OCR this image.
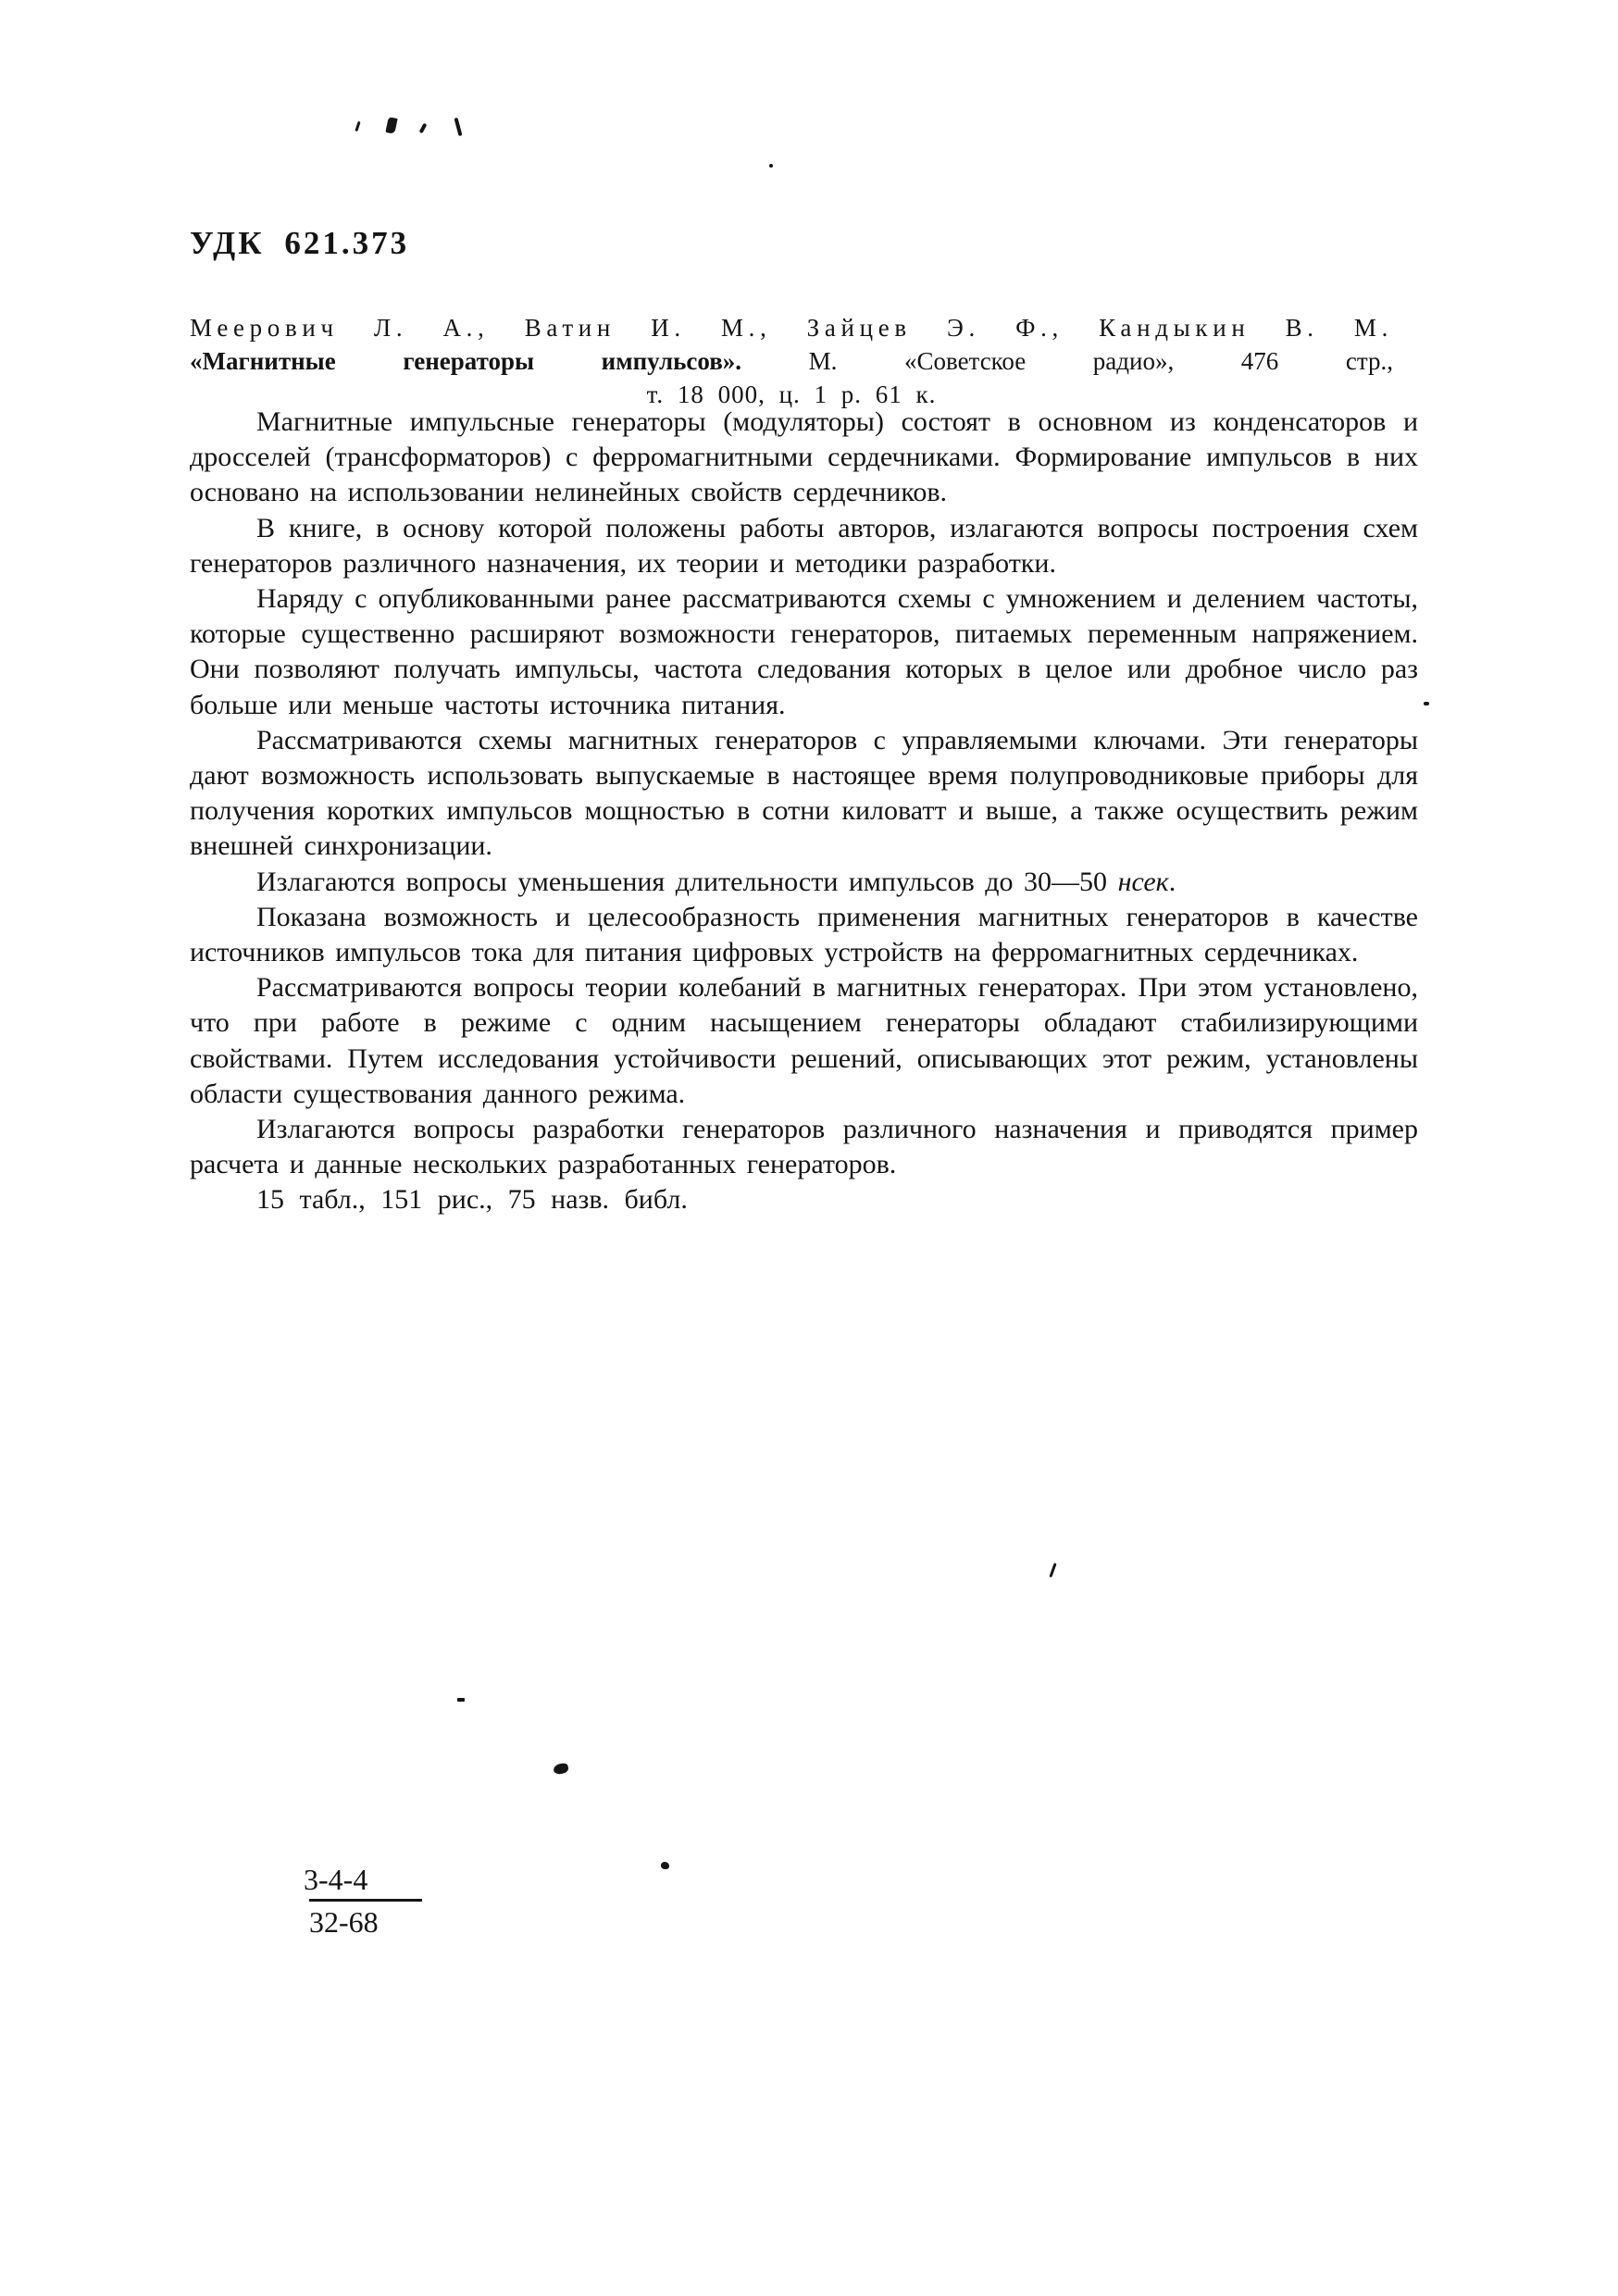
УДК 621.373
Меерович Л. А., Ватин И. М., Зайцев Э. Ф., Кандыкин В. М.
«Магнитные генераторы импульсов». М. «Советское радио», 476 стр.,
т. 18 000, ц. 1 р. 61 к.

Магнитные импульсные генераторы (модуляторы) состоят в основном из конденсаторов и дросселей (трансформаторов) с ферромагнитными сердечниками. Формирование импульсов в них основано на использовании нелинейных свойств сердечников.

В книге, в основу которой положены работы авторов, излагаются вопросы построения схем генераторов различного назначения, их теории и методики разработки.

Наряду с опубликованными ранее рассматриваются схемы с умножением и делением частоты, которые существенно расширяют возможности генераторов, питаемых переменным напряжением. Они позволяют получать импульсы, частота следования которых в целое или дробное число раз больше или меньше частоты источника питания.

Рассматриваются схемы магнитных генераторов с управляемыми ключами. Эти генераторы дают возможность использовать выпускаемые в настоящее время полупроводниковые приборы для получения коротких импульсов мощностью в сотни киловатт и выше, а также осуществить режим внешней синхронизации.

Излагаются вопросы уменьшения длительности импульсов до 30—50 нсек.

Показана возможность и целесообразность применения магнитных генераторов в качестве источников импульсов тока для питания цифровых устройств на ферромагнитных сердечниках.

Рассматриваются вопросы теории колебаний в магнитных генераторах. При этом установлено, что при работе в режиме с одним насыщением генераторы обладают стабилизирующими свойствами. Путем исследования устойчивости решений, описывающих этот режим, установлены области существования данного режима.

Излагаются вопросы разработки генераторов различного назначения и приводятся пример расчета и данные нескольких разработанных генераторов.

15 табл., 151 рис., 75 назв. библ.

3-4-4
32-68
